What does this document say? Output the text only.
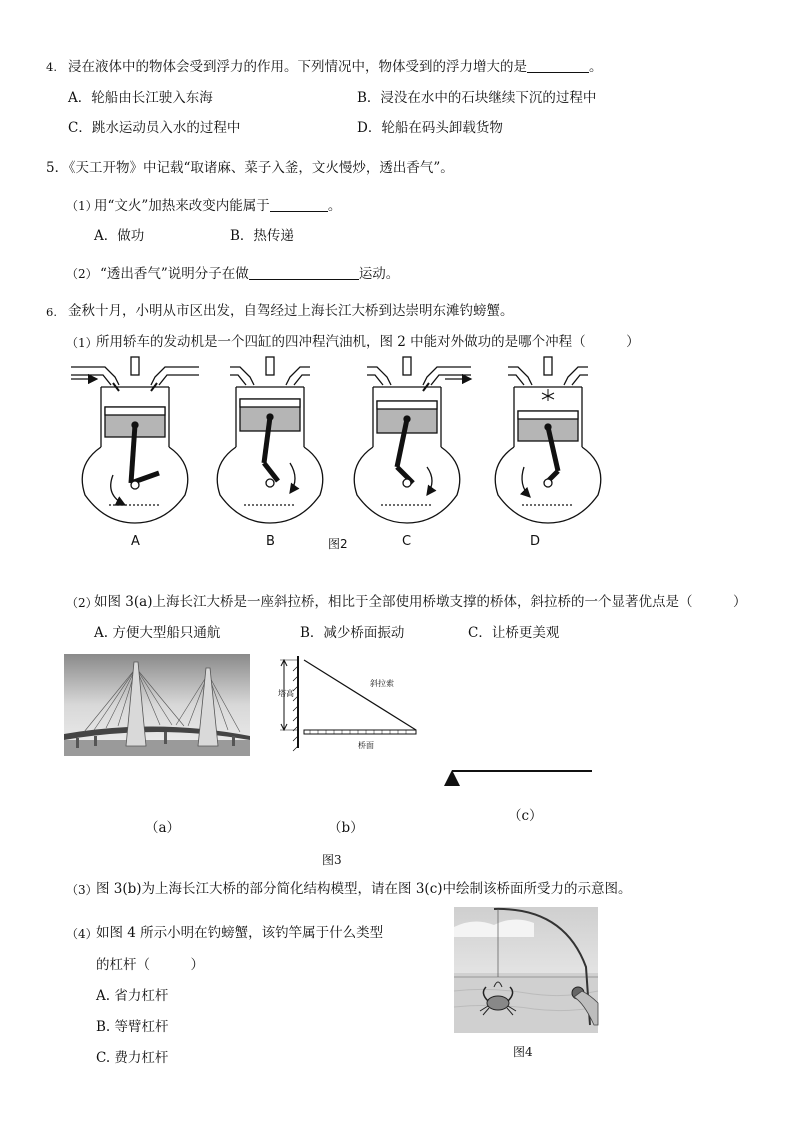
4. 浸在液体中的物体会受到浮力的作用。下列情况中，物体受到的浮力增大的是	。
A．轮船由长江驶入东海	B．浸没在水中的石块继续下沉的过程中
C．跳水运动员入水的过程中	D．轮船在码头卸载货物
5．
《天工开物》中记载“取诸麻、菜子入釜，文火慢炒，透出香气”。
（1）
用“文火”加热来改变内能属于	。
A．做功	B．热传递
（2） “透出香气”说明分子在做	运动。
6. 金秋十月，小明从市区出发，自驾经过上海长江大桥到达崇明东滩钓螃蟹。
（1）
所用轿车的发动机是一个四缸的四冲程汽油机，图 2 中能对外做功的是哪个冲程（　　　）
A	B	图2	C	D
（2）
如图 3(a)上海长江大桥是一座斜拉桥，相比于全部使用桥墩支撑的桥体，斜拉桥的一个显著优点是（　　　）
A. 方便大型船只通航	B．减少桥面振动	C．让桥更美观
塔高
斜拉索
桥面
（a）	（b）
（c）
图3
（3）
图 3(b)为上海长江大桥的部分简化结构模型，请在图 3(c)中绘制该桥面所受力的示意图。
（4）
如图 4 所示小明在钓螃蟹，该钓竿属于什么类型
的杠杆（　　　）
A. 省力杠杆
B. 等臂杠杆
C. 费力杠杆	图4
